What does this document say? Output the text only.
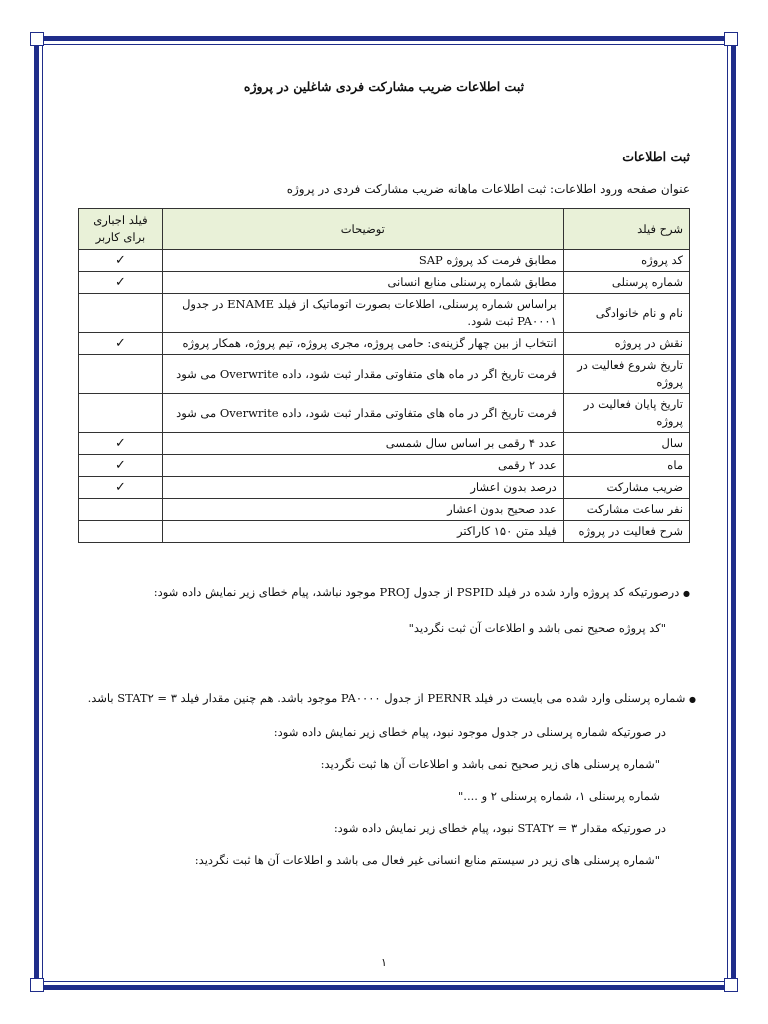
ثبت اطلاعات ضریب مشارکت فردی شاغلین در پروژه
ثبت اطلاعات
عنوان صفحه ورود اطلاعات: ثبت اطلاعات ماهانه ضریب مشارکت فردی در پروژه
شرح فیلد	توضیحات	فیلد اجباری برای کاربر
کد پروژه	مطابق فرمت کد پروژه SAP	✓
شماره پرسنلی	مطابق شماره پرسنلی منابع انسانی	✓
نام و نام خانوادگی	براساس شماره پرسنلی، اطلاعات بصورت اتوماتیک از فیلد ENAME در جدول PA۰۰۰۱ ثبت شود.	
نقش در پروژه	انتخاب از بین چهار گزینه‌ی: حامی پروژه، مجری پروژه، تیم پروژه، همکار پروژه	✓
تاریخ شروع فعالیت در پروژه	فرمت تاریخ اگر در ماه های متفاوتی مقدار ثبت شود، داده Overwrite می شود	
تاریخ پایان فعالیت در پروژه	فرمت تاریخ اگر در ماه های متفاوتی مقدار ثبت شود، داده Overwrite می شود	
سال	عدد ۴ رقمی بر اساس سال شمسی	✓
ماه	عدد ۲ رقمی	✓
ضریب مشارکت	درصد بدون اعشار	✓
نفر ساعت مشارکت	عدد صحیح بدون اعشار	
شرح فعالیت در پروژه	فیلد متن ۱۵۰ کاراکتر	
● درصورتیکه کد پروژه وارد شده در فیلد PSPID از جدول PROJ موجود نباشد، پیام خطای زیر نمایش داده شود:
"کد پروژه صحیح نمی باشد و اطلاعات آن ثبت نگردید"
● شماره پرسنلی وارد شده می بایست در فیلد PERNR از جدول PA۰۰۰۰ موجود باشد. هم چنین مقدار فیلد ۳ = STAT۲ باشد.
در صورتیکه شماره پرسنلی در جدول موجود نبود، پیام خطای زیر نمایش داده شود:
"شماره پرسنلی های زیر صحیح نمی باشد و اطلاعات آن ها ثبت نگردید:
شماره پرسنلی ۱، شماره پرسنلی ۲ و ...."
در صورتیکه مقدار ۳ = STAT۲ نبود، پیام خطای زیر نمایش داده شود:
"شماره پرسنلی های زیر در سیستم منابع انسانی غیر فعال می باشد و اطلاعات آن ها ثبت نگردید:
۱
